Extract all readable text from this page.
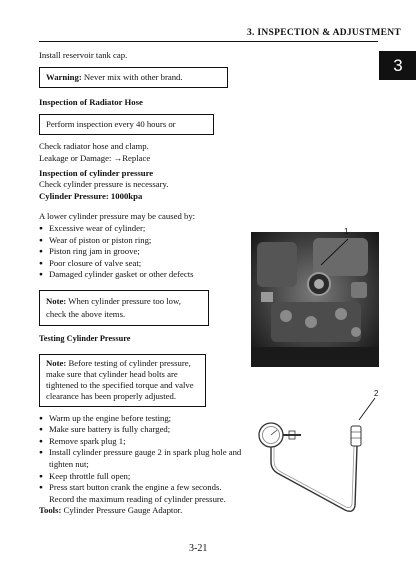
3. INSPECTION & ADJUSTMENT
3

Install reservoir tank cap.

Warning: Never mix with other brand.

Inspection of Radiator Hose

Perform inspection every 40 hours or

Check radiator hose and clamp.

Leakage or Damage: →Replace

Inspection of cylinder pressure

Check cylinder pressure is necessary.

Cylinder Pressure: 1000kpa

A lower cylinder pressure may be caused by:

● Excessive wear of cylinder;
● Wear of piston or piston ring;
● Piston ring jam in groove;
● Poor closure of valve seat;
● Damaged cylinder gasket or other defects
Note: When cylinder pressure too low, check the above items.

Testing Cylinder Pressure

Note: Before testing of cylinder pressure, make sure that cylinder head bolts are tightened to the specified torque and valve clearance has been properly adjusted.
● Warm up the engine before testing;
● Make sure battery is fully charged;
● Remove spark plug 1;
● Install cylinder pressure gauge 2 in spark plug hole and tighten nut;
● Keep throttle full open;
● Press start button crank the engine a few seconds. Record the maximum reading of cylinder pressure.

Tools: Cylinder Pressure Gauge Adaptor.

1
2
3-21
